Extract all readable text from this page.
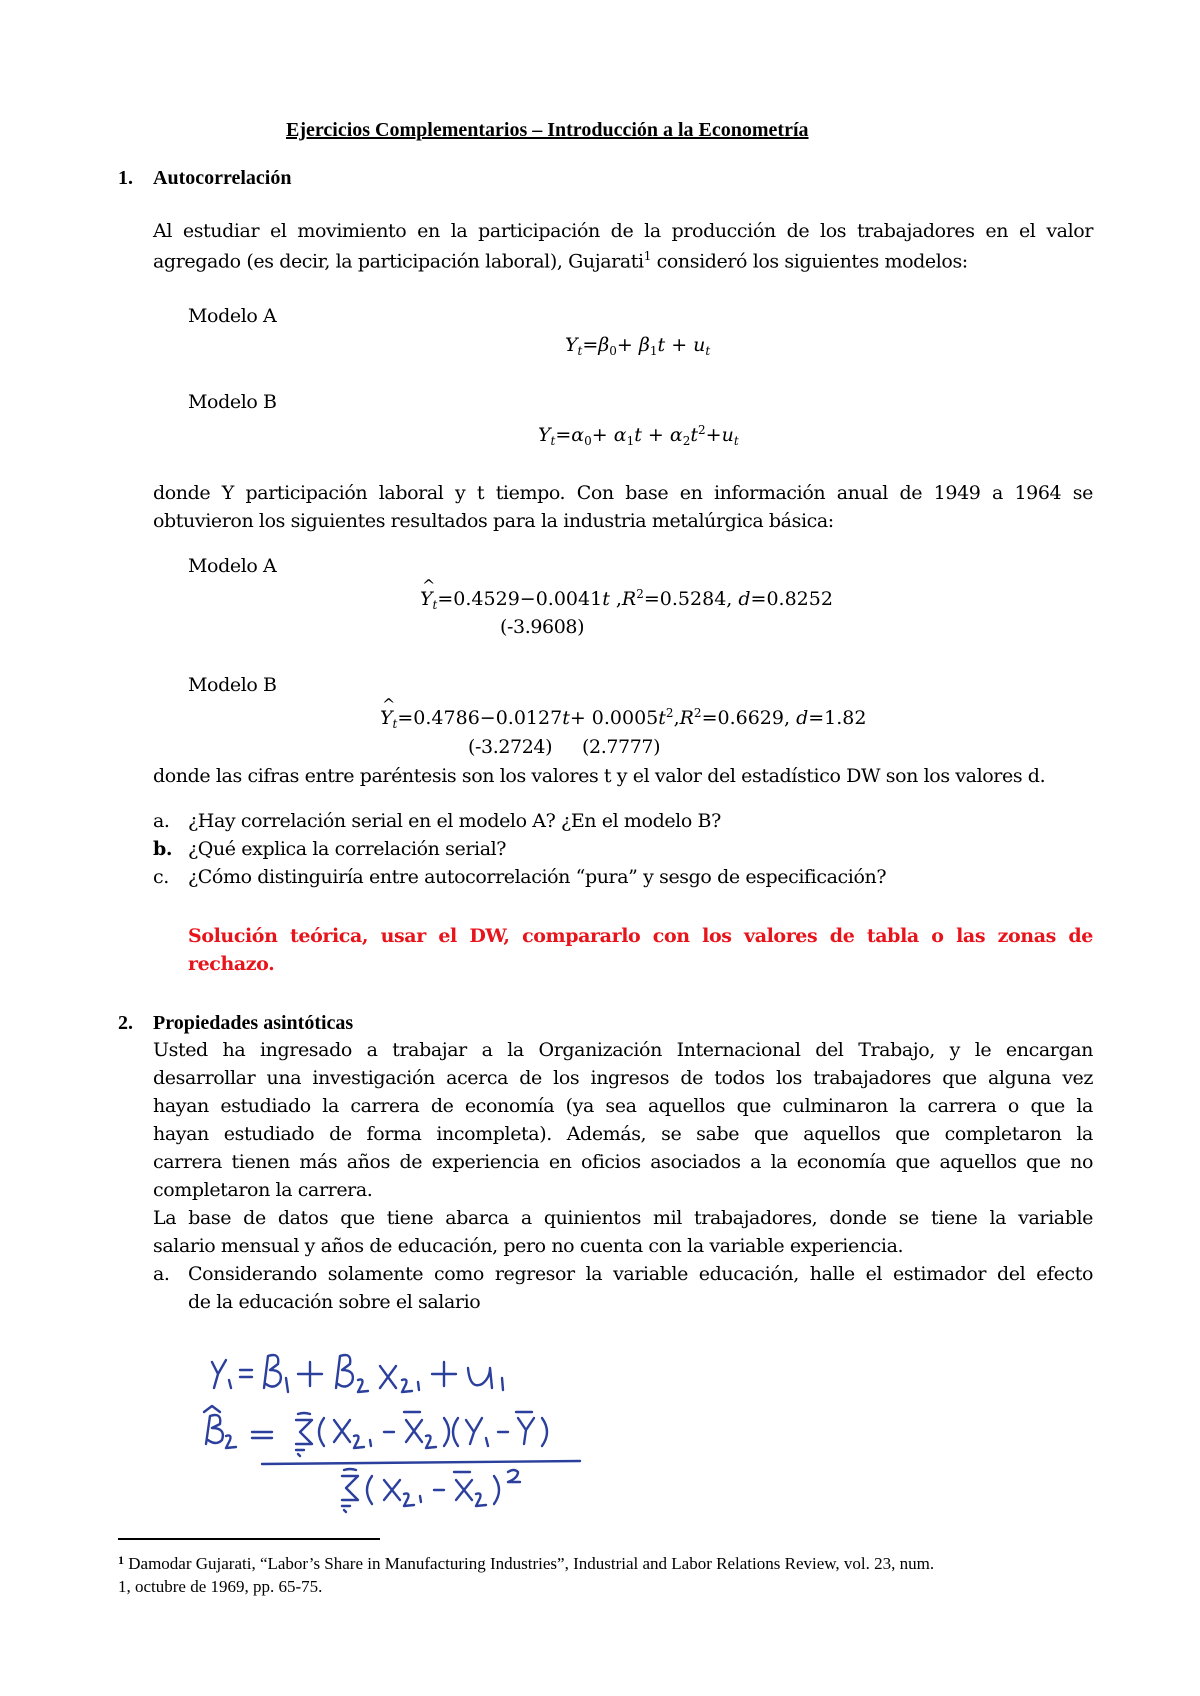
Ejercicios Complementarios – Introducción a la Econometría
1. Autocorrelación
Al estudiar el movimiento en la participación de la producción de los trabajadores en el valor
agregado (es decir, la participación laboral), Gujarati$^1$ consideró los siguientes modelos:
Modelo A
$Y_t=\beta_0+ \beta_1t + u_t$
Modelo B
$Y_t=\alpha_0+ \alpha_1t + \alpha_2t^2+u_t$
donde Y participación laboral y t tiempo. Con base en información anual de 1949 a 1964 se
obtuvieron los siguientes resultados para la industria metalúrgica básica:
Modelo A
^ $Y_t=0.4529-0.0041t$ $,R^2=0.5284$, d=0.8252
(-3.9608)
Modelo B
^ $Y_t=0.4786-0.0127t+ 0.0005t^2,R^2=0.6629$, d=1.82
(-3.2724) (2.7777)
donde las cifras entre paréntesis son los valores t y el valor del estadístico DW son los valores d.
a. ¿Hay correlación serial en el modelo A? ¿En el modelo B?
b. ¿Qué explica la correlación serial?
c. ¿Cómo distinguiría entre autocorrelación “pura” y sesgo de especificación?
Solución teórica, usar el DW, compararlo con los valores de tabla o las zonas de
rechazo.
2. Propiedades asintóticas
Usted ha ingresado a trabajar a la Organización Internacional del Trabajo, y le encargan
desarrollar una investigación acerca de los ingresos de todos los trabajadores que alguna vez
hayan estudiado la carrera de economía (ya sea aquellos que culminaron la carrera o que la
hayan estudiado de forma incompleta). Además, se sabe que aquellos que completaron la
carrera tienen más años de experiencia en oficios asociados a la economía que aquellos que no
completaron la carrera.
La base de datos que tiene abarca a quinientos mil trabajadores, donde se tiene la variable
salario mensual y años de educación, pero no cuenta con la variable experiencia.
a. Considerando solamente como regresor la variable educación, halle el estimador del efecto
de la educación sobre el salario
$^1$ Damodar Gujarati, “Labor’s Share in Manufacturing Industries”, Industrial and Labor Relations Review, vol. 23, num.
1, octubre de 1969, pp. 65-75.
